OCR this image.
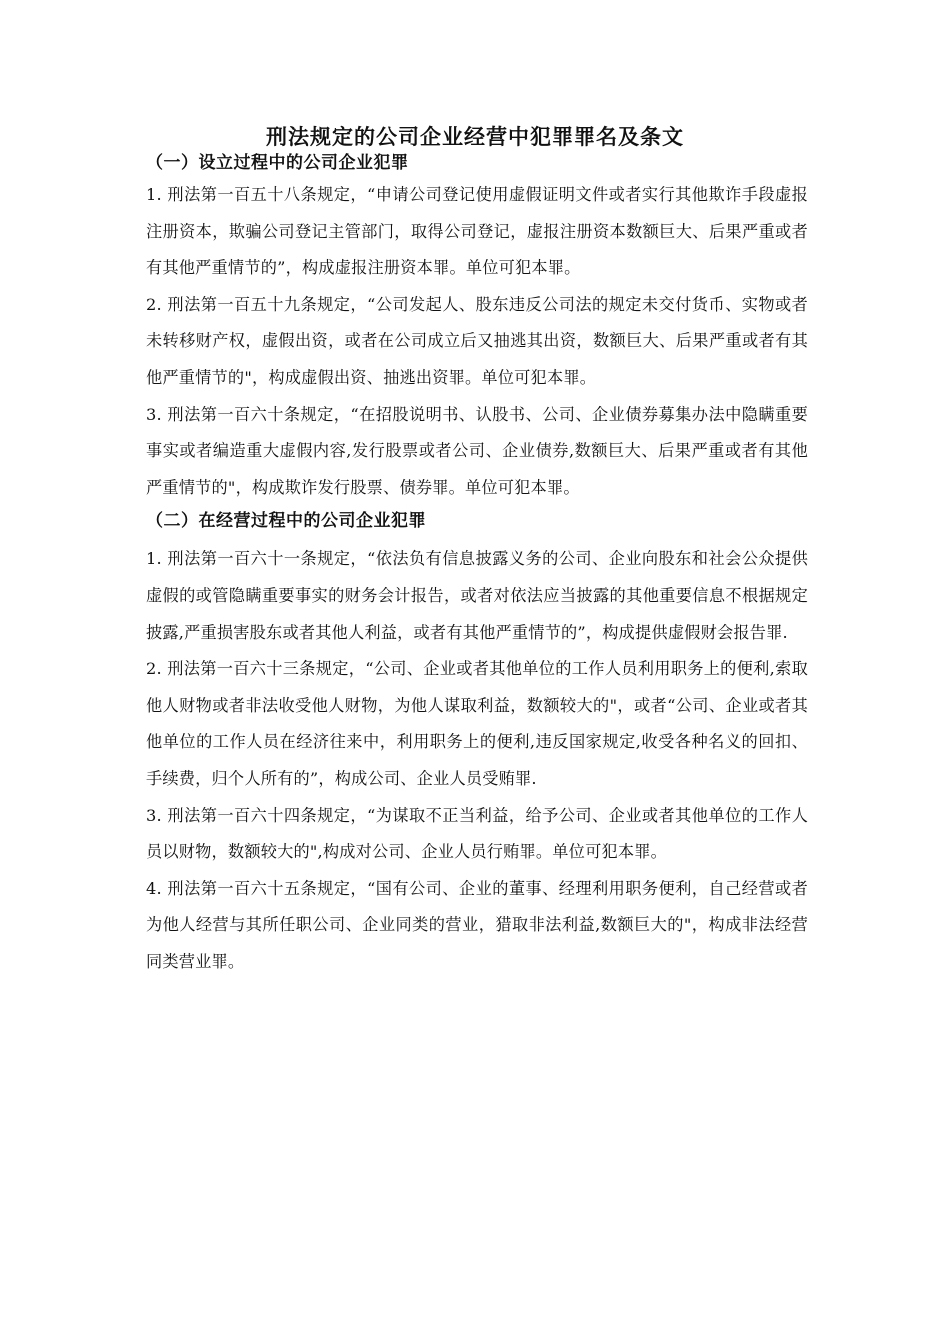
刑法规定的公司企业经营中犯罪罪名及条文

（一）设立过程中的公司企业犯罪

1. 刑法第一百五十八条规定，“申请公司登记使用虚假证明文件或者实行其他欺诈手段虚报注册资本，欺骗公司登记主管部门，取得公司登记，虚报注册资本数额巨大、后果严重或者有其他严重情节的”，构成虚报注册资本罪。单位可犯本罪。

2. 刑法第一百五十九条规定，“公司发起人、股东违反公司法的规定未交付货币、实物或者未转移财产权，虚假出资，或者在公司成立后又抽逃其出资，数额巨大、后果严重或者有其他严重情节的"，构成虚假出资、抽逃出资罪。单位可犯本罪。

3. 刑法第一百六十条规定，“在招股说明书、认股书、公司、企业债券募集办法中隐瞒重要事实或者编造重大虚假内容,发行股票或者公司、企业债券,数额巨大、后果严重或者有其他严重情节的"，构成欺诈发行股票、债券罪。单位可犯本罪。

（二）在经营过程中的公司企业犯罪

1. 刑法第一百六十一条规定，“依法负有信息披露义务的公司、企业向股东和社会公众提供虚假的或管隐瞒重要事实的财务会计报告，或者对依法应当披露的其他重要信息不根据规定披露,严重损害股东或者其他人利益，或者有其他严重情节的”，构成提供虚假财会报告罪.

2. 刑法第一百六十三条规定，“公司、企业或者其他单位的工作人员利用职务上的便利,索取他人财物或者非法收受他人财物，为他人谋取利益，数额较大的"，或者“公司、企业或者其他单位的工作人员在经济往来中，利用职务上的便利,违反国家规定,收受各种名义的回扣、手续费，归个人所有的”，构成公司、企业人员受贿罪.

3. 刑法第一百六十四条规定，“为谋取不正当利益，给予公司、企业或者其他单位的工作人员以财物，数额较大的",构成对公司、企业人员行贿罪。单位可犯本罪。

4. 刑法第一百六十五条规定，“国有公司、企业的董事、经理利用职务便利，自己经营或者为他人经营与其所任职公司、企业同类的营业，猎取非法利益,数额巨大的"，构成非法经营同类营业罪。
